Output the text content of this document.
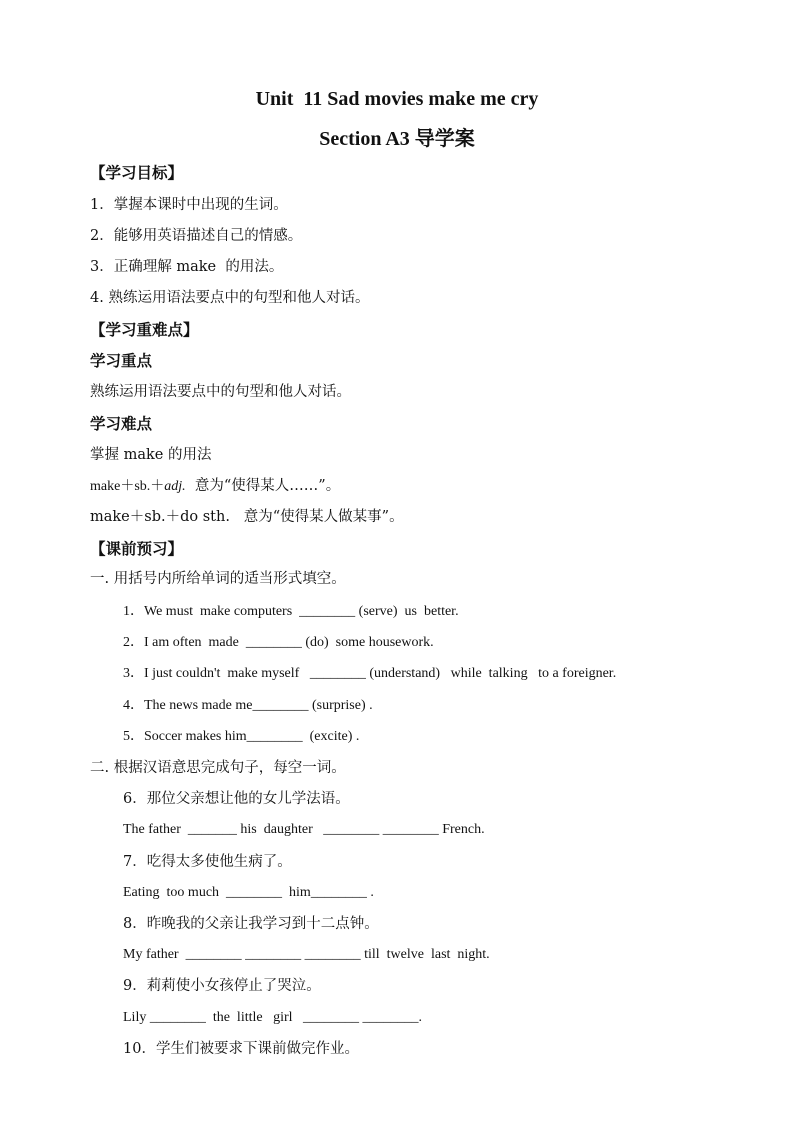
Unit  11 Sad movies make me cry
Section A3 导学案
【学习目标】
1．掌握本课时中出现的生词。
2．能够用英语描述自己的情感。
3．正确理解 make  的用法。
4. 熟练运用语法要点中的句型和他人对话。
【学习重难点】
学习重点
熟练运用语法要点中的句型和他人对话。
学习难点
掌握 make 的用法
make＋sb.＋adj.  意为“使得某人……”。
make＋sb.＋do sth.   意为“使得某人做某事”。
【课前预习】
一. 用括号内所给单词的适当形式填空。
1．We must  make computers  ________ (serve)  us  better.
2．I am often  made  ________ (do)  some housework.
3．I just couldn't  make myself   ________ (understand)   while  talking   to a foreigner.
4．The news made me________ (surprise) .
5．Soccer makes him________  (excite) .
二. 根据汉语意思完成句子，每空一词。
6．那位父亲想让他的女儿学法语。
The father  _______ his  daughter   ________ ________ French.
7．吃得太多使他生病了。
Eating  too much  ________  him________ .
8．昨晚我的父亲让我学习到十二点钟。
My father  ________ ________ ________ till  twelve  last  night.
9．莉莉使小女孩停止了哭泣。
Lily ________  the  little   girl   ________ ________.
10．学生们被要求下课前做完作业。
